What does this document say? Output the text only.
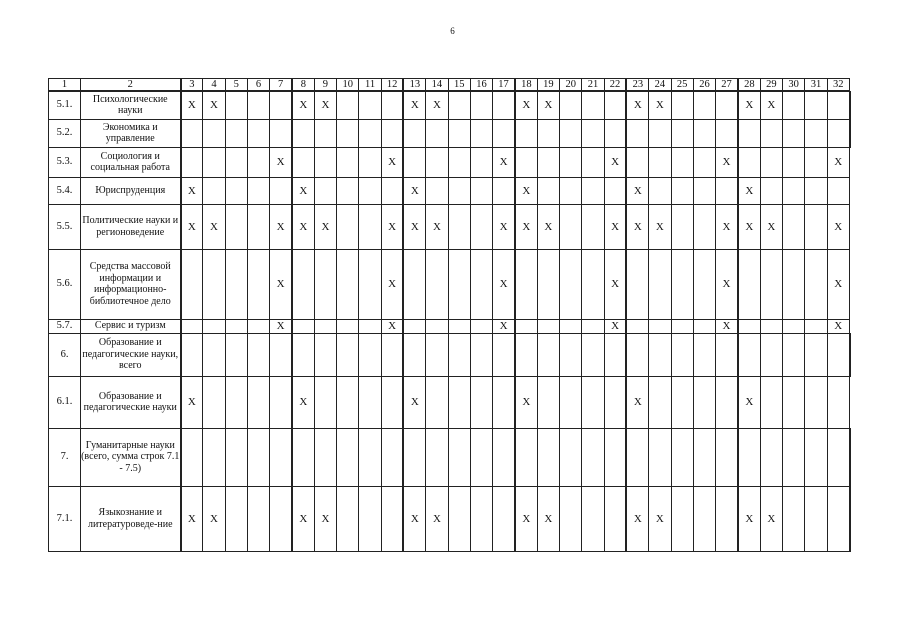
6
1	2	3	4	5	6	7	8	9	10	11	12	13	14	15	16	17	18	19	20	21	22	23	24	25	26	27	28	29	30	31	32	
5.1.	Психологические науки	X	X				X	X				X	X				X	X				X	X				X	X				
5.2.	Экономика и управление																															
5.3.	Социология и социальная работа					X					X					X					X					X					X	
5.4.	Юриспруденция	X					X					X					X					X					X					
5.5.	Политические науки и регионоведение	X	X			X	X	X			X	X	X			X	X	X			X	X	X			X	X	X			X	
5.6.	Средства массовой информации и информационно-библиотечное дело					X					X					X					X					X					X	
5.7.	Сервис и туризм					X					X					X					X					X					X	
6.	Образование и педагогические науки, всего																															
6.1.	Образование и педагогические науки	X					X					X					X					X					X					
7.	Гуманитарные науки (всего, сумма строк 7.1 - 7.5)																															
7.1.	Языкознание и литературоведе-ние	X	X				X	X				X	X				X	X				X	X				X	X				
